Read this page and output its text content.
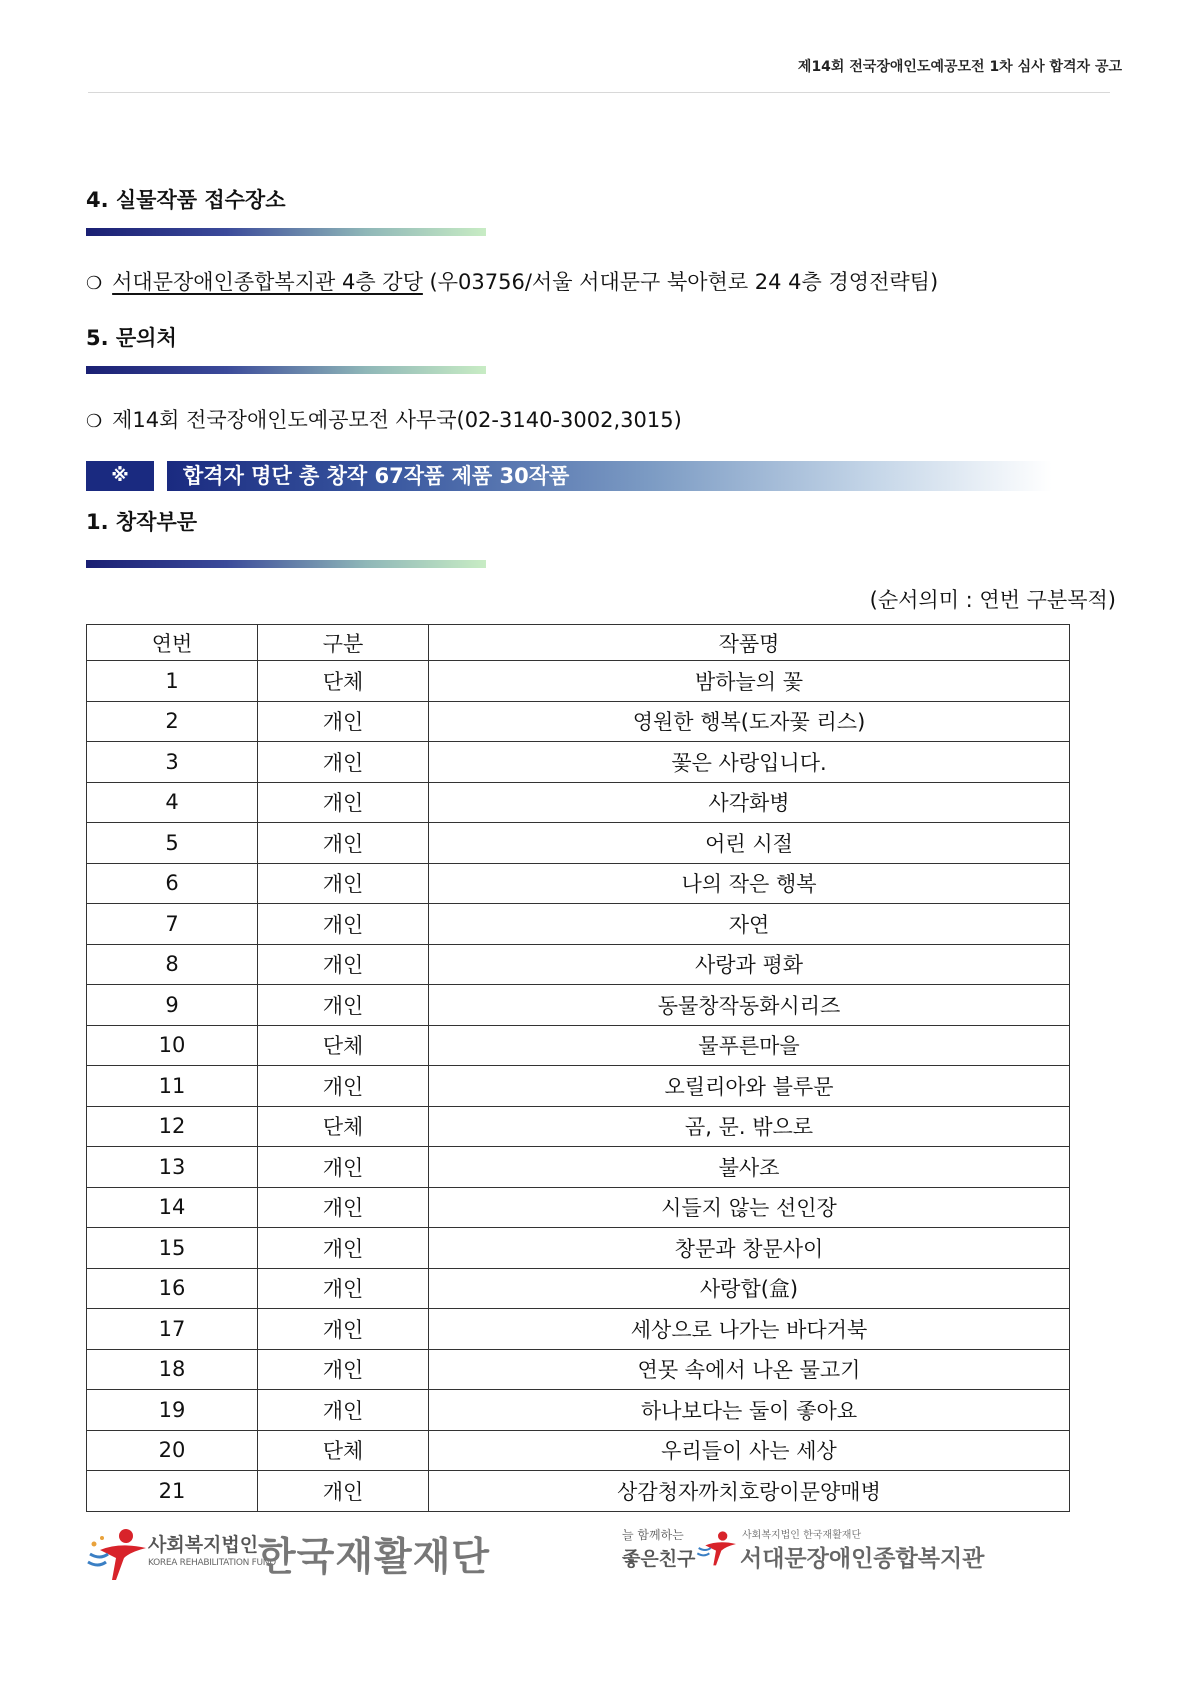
제14회 전국장애인도예공모전 1차 심사 합격자 공고
4. 실물작품 접수장소
❍ 서대문장애인종합복지관 4층 강당 (우03756/서울 서대문구 북아현로 24 4층 경영전략팀)
5. 문의처
❍ 제14회 전국장애인도예공모전 사무국(02-3140-3002,3015)
※	합격자 명단 총 창작 67작품 제품 30작품
1. 창작부문
(순서의미 : 연번 구분목적)
연번	구분	작품명
1	단체	밤하늘의 꽃
2	개인	영원한 행복(도자꽃 리스)
3	개인	꽃은 사랑입니다.
4	개인	사각화병
5	개인	어린 시절
6	개인	나의 작은 행복
7	개인	자연
8	개인	사랑과 평화
9	개인	동물창작동화시리즈
10	단체	물푸른마을
11	개인	오릴리아와 블루문
12	단체	곰, 문. 밖으로
13	개인	불사조
14	개인	시들지 않는 선인장
15	개인	창문과 창문사이
16	개인	사랑합(盒)
17	개인	세상으로 나가는 바다거북
18	개인	연못 속에서 나온 물고기
19	개인	하나보다는 둘이 좋아요
20	단체	우리들이 사는 세상
21	개인	상감청자까치호랑이문양매병
사회복지법인
KOREA REHABILITATION FUND
한국재활재단	늘 함께하는
좋은친구
사회복지법인 한국재활재단
서대문장애인종합복지관
